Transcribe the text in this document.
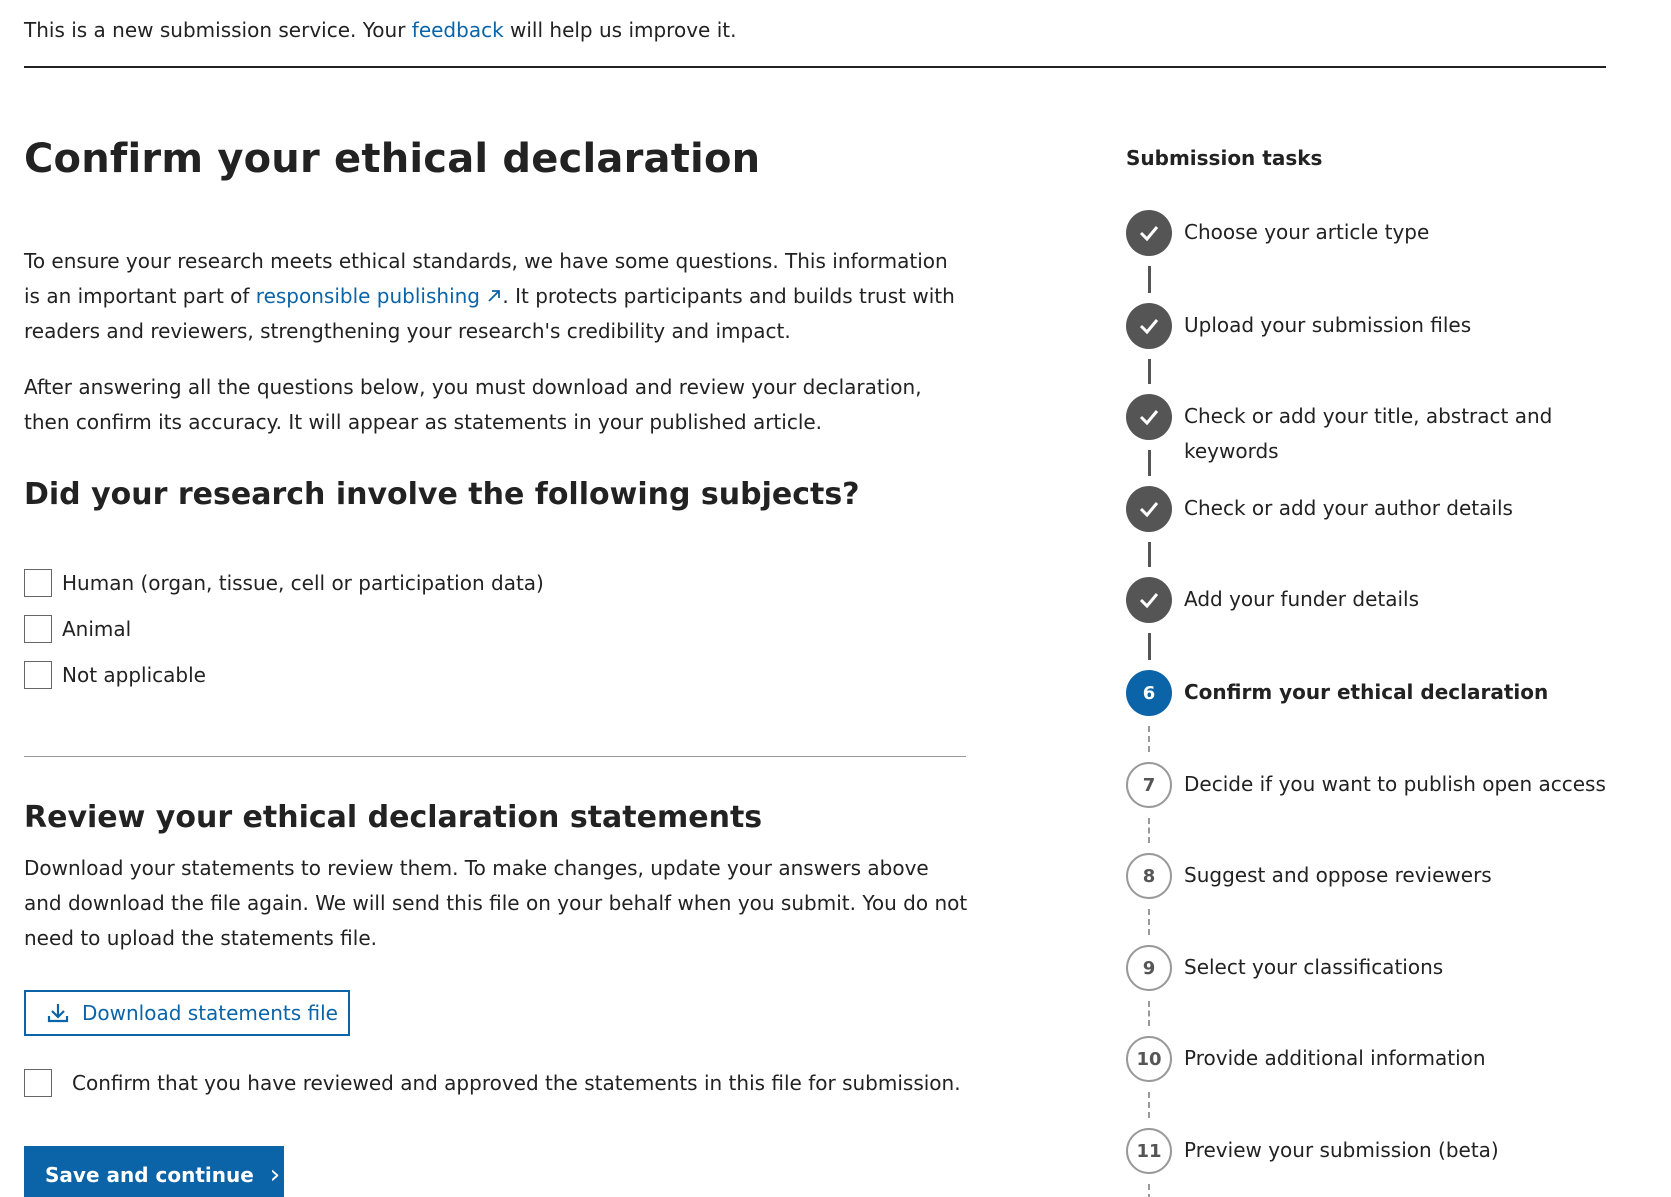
This is a new submission service. Your feedback will help us improve it.
Confirm your ethical declaration

To ensure your research meets ethical standards, we have some questions. This information is an important part of responsible publishing . It protects participants and builds trust with readers and reviewers, strengthening your research's credibility and impact.

After answering all the questions below, you must download and review your declaration, then confirm its accuracy. It will appear as statements in your published article.

Did your research involve the following subjects?
Human (organ, tissue, cell or participation data)
Animal
Not applicable
Review your ethical declaration statements

Download your statements to review them. To make changes, update your answers above and download the file again. We will send this file on your behalf when you submit. You do not need to upload the statements file.

Download statements file
Confirm that you have reviewed and approved the statements in this file for submission.
Save and continue ›
Submission tasks
Choose your article type
Upload your submission files
Check or add your title, abstract and keywords
Check or add your author details
Add your funder details
6	Confirm your ethical declaration
7	Decide if you want to publish open access
8	Suggest and oppose reviewers
9	Select your classifications
10	Provide additional information
11	Preview your submission (beta)
